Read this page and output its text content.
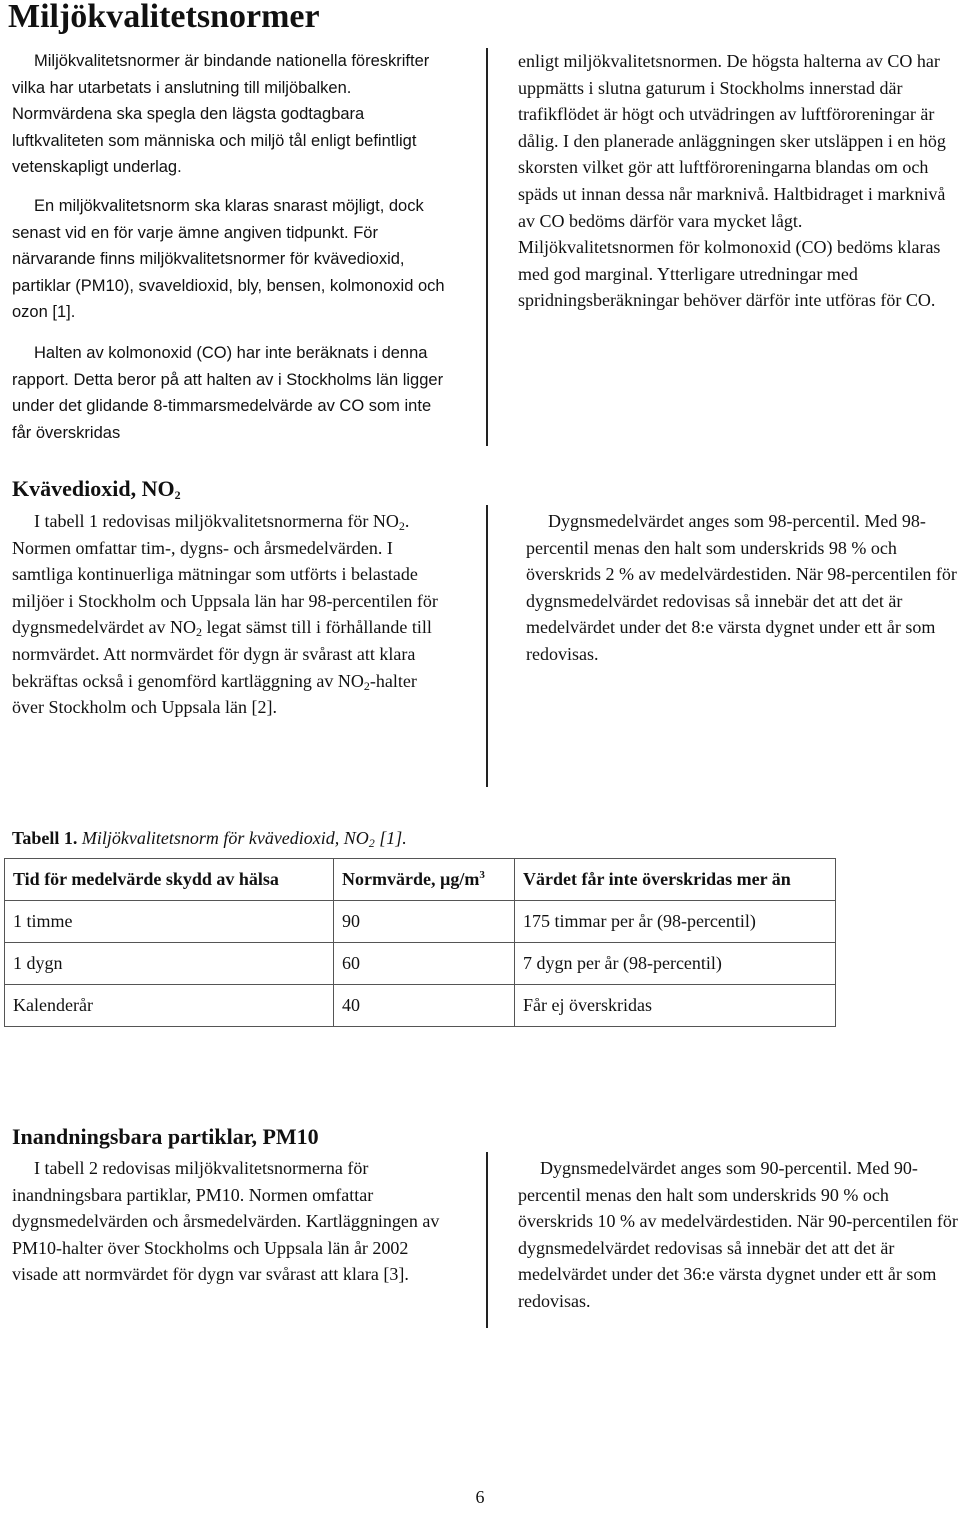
Miljökvalitetsnormer

Miljökvalitetsnormer är bindande nationella föreskrifter vilka har utarbetats i anslutning till miljöbalken. Normvärdena ska spegla den lägsta godtagbara luftkvaliteten som människa och miljö tål enligt befintligt vetenskapligt underlag.

En miljökvalitetsnorm ska klaras snarast möjligt, dock senast vid en för varje ämne angiven tidpunkt. För närvarande finns miljökvalitetsnormer för kvävedioxid, partiklar (PM10), svaveldioxid, bly, bensen, kolmonoxid och ozon [1].

Halten av kolmonoxid (CO) har inte beräknats i denna rapport. Detta beror på att halten av i Stockholms län ligger under det glidande 8-timmarsmedelvärde av CO som inte får överskridas

enligt miljökvalitetsnormen. De högsta halterna av CO har uppmätts i slutna gaturum i Stockholms innerstad där trafikflödet är högt och utvädringen av luftföroreningar är dålig. I den planerade anläggningen sker utsläppen i en hög skorsten vilket gör att luftföroreningarna blandas om och späds ut innan dessa når marknivå. Haltbidraget i marknivå av CO bedöms därför vara mycket lågt. Miljökvalitetsnormen för kolmonoxid (CO) bedöms klaras med god marginal. Ytterligare utredningar med spridningsberäkningar behöver därför inte utföras för CO.

Kvävedioxid, $NO_2$

I tabell 1 redovisas miljökvalitetsnormerna för $NO_2$. Normen omfattar tim-, dygns- och årsmedelvärden. I samtliga kontinuerliga mätningar som utförts i belastade miljöer i Stockholm och Uppsala län har 98-percentilen för dygnsmedelvärdet av $NO_2$ legat sämst till i förhållande till normvärdet. Att normvärdet för dygn är svårast att klara bekräftas också i genomförd kartläggning av $NO_2$-halter över Stockholm och Uppsala län [2].

Dygnsmedelvärdet anges som 98-percentil. Med 98-percentil menas den halt som underskrids 98 % och överskrids 2 % av medelvärdestiden. När 98-percentilen för dygnsmedelvärdet redovisas så innebär det att det är medelvärdet under det 8:e värsta dygnet under ett år som redovisas.

Tabell 1. Miljökvalitetsnorm för kvävedioxid, $NO_2$ [1].
Tid för medelvärde skydd av hälsa	Normvärde, $\mu g/m^3$	Värdet får inte överskridas mer än
1 timme	90	175 timmar per år (98-percentil)
1 dygn	60	7 dygn per år (98-percentil)
Kalenderår	40	Får ej överskridas
Inandningsbara partiklar, PM10

I tabell 2 redovisas miljökvalitetsnormerna för inandningsbara partiklar, PM10. Normen omfattar dygnsmedelvärden och årsmedelvärden. Kartläggningen av PM10-halter över Stockholms och Uppsala län år 2002 visade att normvärdet för dygn var svårast att klara [3].

Dygnsmedelvärdet anges som 90-percentil. Med 90-percentil menas den halt som underskrids 90 % och överskrids 10 % av medelvärdestiden. När 90-percentilen för dygnsmedelvärdet redovisas så innebär det att det är medelvärdet under det 36:e värsta dygnet under ett år som redovisas.

6
